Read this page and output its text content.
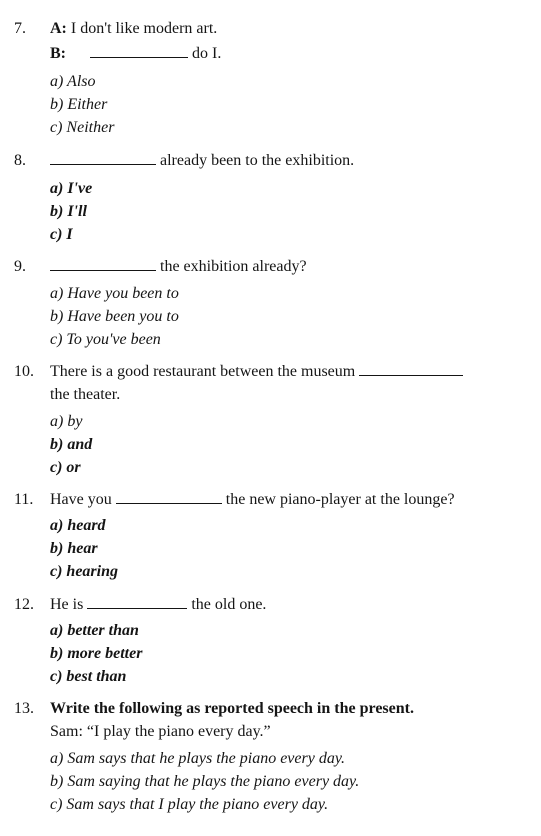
7. A: I don't like modern art.
B:	do I.
a) Also
b) Either
c) Neither
8.	already been to the exhibition.
a) I've
b) I'll
c) I
9.	the exhibition already?
a) Have you been to
b) Have been you to
c) To you've been
10. There is a good restaurant between the museum
the theater.
a) by
b) and
c) or
11. Have you	the new piano-player at the lounge?
a) heard
b) hear
c) hearing
12. He is	the old one.
a) better than
b) more better
c) best than
13. Write the following as reported speech in the present.
Sam: “I play the piano every day.”
a) Sam says that he plays the piano every day.
b) Sam saying that he plays the piano every day.
c) Sam says that I play the piano every day.
